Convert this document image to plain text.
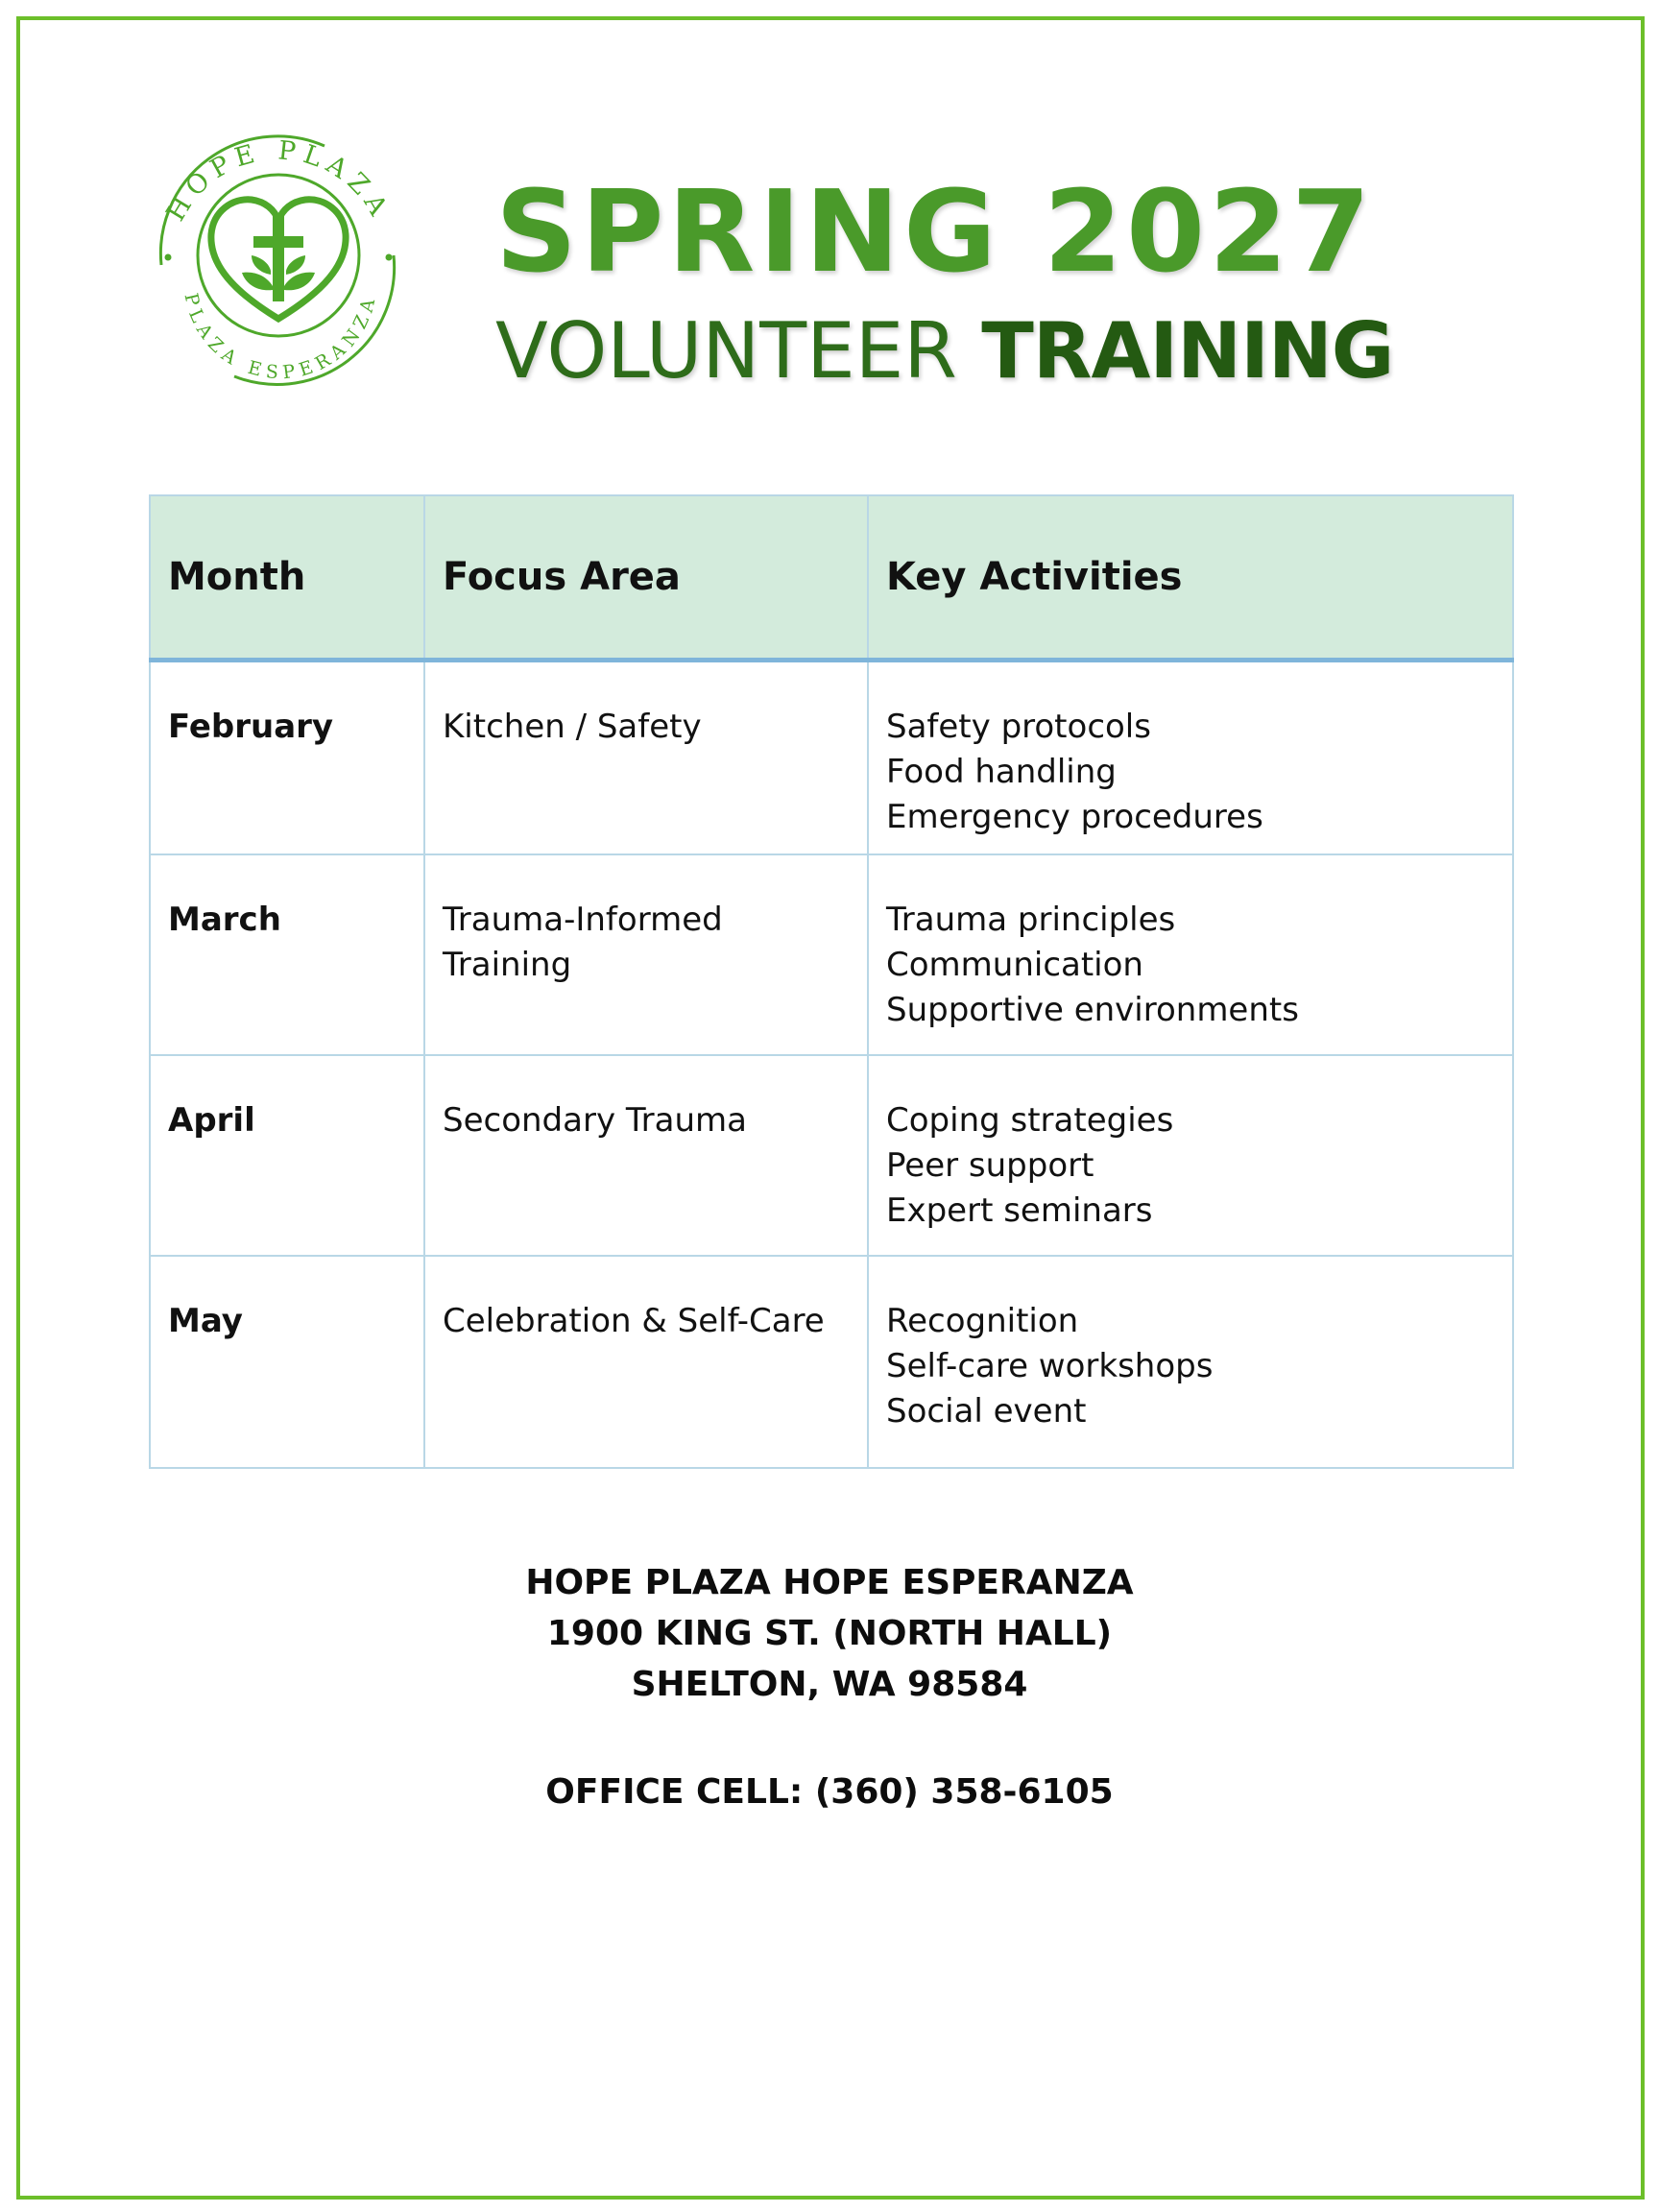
HOPE PLAZA
PLAZA ESPERANZA
SPRING 2027
VOLUNTEER TRAINING
Month	Focus Area	Key Activities
February	Kitchen / Safety	Safety protocols
Food handling
Emergency procedures

March	Trauma-Informed Training	Trauma principles
Communication
Supportive environments

April	Secondary Trauma	Coping strategies
Peer support
Expert seminars

May	Celebration & Self-Care	Recognition
Self-care workshops
Social event
HOPE PLAZA HOPE ESPERANZA
1900 KING ST. (NORTH HALL)
SHELTON, WA 98584
OFFICE CELL: (360) 358-6105
